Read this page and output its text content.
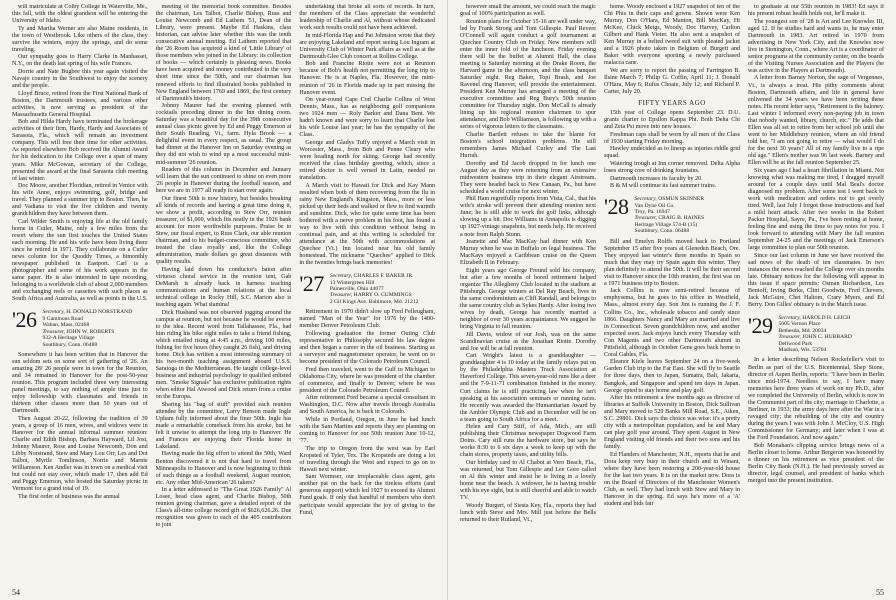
will matriculate at Colby College in Waterville, Me., this fall, with the oldest grandson will be entering the University of Idaho.

Ty and Martha Werner are also Maine residents, in the town of Westbrook. Like others of the class, they survive the winters, enjoy the springs, and do some traveling.

Our sympathy goes to Harry Clarke in Manhasset, N.Y., on the death last spring of his wife Frances.

Dorrie and Nate Bugbee this year again visited the Navajo country in the Southwest to enjoy the scenery and the people.

Lloyd Bruce, retired from the First National Bank of Boston, the Dartmouth trustees, and various other activities, is now serving as president of the Massachusetts General Hospital.

Bob and Hilda Hardy have terminated the brokerage activities of their firm, Hardy, Hardy and Associates of Sarasota, Fla., which will remain an investment company. This will free their time for other activities. As reported elsewhere Bob received the Alumni Award for his dedication to the College over a span of many years. Mike McGowan, secretary of the College, presented the award at the final Sarasota club meeting of last winter.

Doc Moore, another Floridian, retired in Venice with his wife Anne, enjoys swimming, golf, bridge and travel. They planned a summer trip to Boston. Then, he and Vadiana to visit the five children and twenty grandchildren they have between them.

Carl Wilder Smith is enjoying life at the old family home in Cutler, Maine, only a few miles from the resort where the sun first touches the United States each morning. He and his wife have been living there since he retired in 1971. They collaborate on a Cutler news column for the Quoddy Times, a bimonthly newspaper published in Eastport. Carl is a photographer and some of his work appears in the same paper. He is also interested in tape recording, belonging to a worldwide club of about 2,000 members and exchanging reels or cassettes with such places as South Africa and Australia, as well as points in the U.S.

'26 Secretary, H. DONALD NORSTRAND
9 Gammons Road
Waban, Mass. 02468
Treasurer, JOHN W. ROBERTS
932-A Heritage Village
Southbury, Conn. 06488

Somewhere it has been written that in Hanover the sun seldom sets on some sort of gathering of '26. An amazing 28! 26 people were in town for the Reunion, and 34 remained in Hanover for the post-50-year reunion. This program included three very interesting panel meetings, to say nothing of ample time just to enjoy fellowship with classmates and friends in thirteen other classes more than 50 years out of Dartmouth.

Then August 20-22, following the tradition of 39 years, a group of 16 men, wives, and widows were in Hanover for the annual informal summer reunion: Charlie and Edith Bishop, Barbara Hayward, Lil Jost, Johnny Maurer, Rose and Louise Newcomb, Don and Libby Norstrand, Stew and Mary Lou Orr, Les and Dot Talbot, Myrtle Tomlinson, Norrie and Marnie Williamson. Ken Andler was in town on a medical visit but could not stay over, which made 17, then add Ed and Peggy Emerson, who hosted the Saturday picnic in Vermont for a grand total of 19.

The first order of business was the annual

meeting of the memorial book committee. Besides the chairman, Les Talbot, Charlie Bishop, Russ and Louise Newcomb and Ed Lathem '51, Dean of the Library, were present. Maybe Ed Haskins, class historian, can advise later whether this was the tenth consecutive annual meeting. Ed Lathem reported that the '26 Room has acquired a kind of 'Little Library' of those members who joined in the Library: its collection of books — which certainly is pleasing news. Books have been acquired and money contributed in the very short time since the 50th, and our chairman has renewed efforts to find illustrated books published in New England between 1769 and 1869, the first century of Dartmouth's history.

Johnny Maurer had the evening planned with cocktails preceding dinner in the Inn dining room. Saturday was a beautiful day for the 39th consecutive annual class picnic given by Ed and Peggy Emerson at their South Reading, Vt., farm. Hyla Brook — a delightful event in every respect, as usual. The group had dinner at the Hanover Inn on Saturday evening as they did not wish to wind up a most successful mini-mid-summer '26 reunion.

Readers of this column in December and January will learn that the sun continued to shine on even more '26 people in Hanover during the football season, and here we are in 1977 all ready to start over again.

Our finest 50th is now history, but besides breaking all kinds of records and having a great time doing it, we show a profit, according to Stew Orr, reunion treasurer, of $1,000, which fits neatly in the 1926 bank account for more worthwhile purposes. Praise be to Stew, our fiscal expert, to Russ Clark, our able reunion chairman, and to his budget-conscious committee, who treated the class royally and, like the College administration, made dollars go great distances with quality results.

Having laid down his conductor's baton after virtuoso choral service in the reunion tent, Gab DeMarsh is already back in harness teaching communications and human relations at the local technical college in Rocky Hill, S.C. Marion also is teaching again. What stamina!

Dick Husband was not observed jogging around the campus at reunion, but not because he would be averse to the idea. Recent word from Tallahassee, Fla., had him riding his bike eight miles to take a friend fishing, which entailed rising at 4:45 a.m., driving 100 miles, fishing for five hours (they caught 26 fish), and driving home. Dick has written a most interesting summary of his two-month teaching assignment aboard U.S.S. Saratoga in the Mediterranean. He taught college-level business and industrial psychology to qualified enlisted men. "Smoke Signals" has exclusive publication rights when editor Hal Atwood and Dick return from a cruise on the Europa.

Sharing his "bag of stuff" provided each reunion attendee by the committee, Larry Benson made Ingle Upham fully informed about the finer 50th. Ingle has made a remarkable comeback from his stroke, but he felt it unwise to attempt the long trip to Hanover. He and Frances are enjoying their Florida home in Lakeland.

Having made the big effort to attend the 50th, Ward Benton discovered it is not that hard to travel from Minneapolis to Hanover and is now beginning to think of such things as a football weekend, August reunion, etc. Any other Mid-American '26 takers?

In a letter addressed to "The Great 1926 Family" Al Losee, head class agent, and Charlie Bishop, 50th reunion giving chairman, gave a detailed report of the Class's all-time college record gift of $626,626.26. Due recognition was given to each of the 405 contributors to join

undertaking that broke all sorts of records. In turn, the members of the Class appreciate the wonderful leadership of Charlie and Al, without whose dedicated work such results could not have been achieved.

In mid-Florida Hap and Pat Johnston wrote that they are enjoying Lakeland and report seeing Lou Ingram at University Club of Winter Park affairs as well as at the Dartmouth Glee Club concert at Rollins College.

Bob and Francine Riotte were not at Reunion because of Bob's health not permitting the long trip to Hanover. He is at Naples, Fla. However, the mini-reunion of '26 in Florida made up in part missing the Hanover event.

On year-round Cape Cod Charlie Collins of West Dennis, Mass., has as neighboring golf companions two 1924 men — Roly Barker and Dana Bent. We hadn't known and were sorry to learn that Charlie lost his wife Louise last year; he has the sympathy of the Class.

George and Gladys Tuffy enjoyed a March visit in Worcester, Mass., from Bob and Penne Cleary who were heading north for skiing. George had recently received the class birthday greeting, which, since a retired doctor is well versed in Latin, needed no translation.

A March visit to Hawaii for Dick and Kay Mann resulted when both of them recovering from the flu in rainy New England's Kingston, Mass., more or less picked up their beds and walked or flew to find warmth and sunshine. Dick, who for quite some time has been bothered with a nerve problem in his foot, has found a way to live with this condition without being in continual pain, and at this writing is scheduled for attendance at the 50th with accommodations at Quechee (Vt.) Inn located near his old family homestead. The nickname "Quechee" applied to Dick in the twenties brings back memories!

'27 Secretary, CHARLES F. BAKER JR.
13 Wintergreen Hill
Painesville, Ohio 44077
Treasurer, HARRY O. CUMMINGS
2 Gil Kings Ave. Baltimore, Md. 21212

Retirement in 1970 didn't slow up Fred Felleugham, named "Man of the Year" for 1976 by the 1400-member Denver Petroleum Club.

Following graduation the former Outing Club representative to Philosophy secured his law degree and then began a career in the oil business. Starting as a surveyor and magnetometer operator, he went on to become president of the Colorado Petroleum Council.

Fred then traveled, went to the Gulf to Michigan to Oklahoma City, where he was president of the chamber of commerce, and finally to Denver, where he was president of the Colorado Petroleum Council.

After retirement Fred became a special consultant in Washington, D.C. Now after travels through Australia and South America, he is back in Colorado.

While in Portland, Oregon, in June he had lunch with the Sam Martins and reports they are planning on coming to Hanover for our 50th reunion June 10-12, '77.

The trip to Oregon from the west was by Earl Kropsted of Tyler, Tex. The Kropsteds are doing a lot of traveling through the West and expect to go on to Hawaii next winter.

Sam Wormser, our irreplaceable class agent, gets another pat on the back for the tireless efforts (and generous support) which led 1927 to exceed its Alumni Fund goals. If only that handful of members who don't participate would appreciate the joy of giving to the Fund,

54

however small the amount, we could reach the magic goal of 100% participation as well.

Reunion plans for October 15-16 are well under way, led by Frank Strong and Tom Gillespie. Paul Revere O'Connell will again conduct a golf tournament at Quechee Country Club on Friday. New members will enter the inner fold of the luncheon. Friday evening there will be the buffet at Alumni Hall, the class meeting is Saturday morning at the Drake Room, the Harvard game in the afternoon, and the class banquet Saturday night. Reg Baker, Topi Brash, and Joe Ravenel ring Hanover, will provide the entertainment. President Ken Murray has arranged a meeting of the executive committee and Reg Bury's 50th reunion committee for Thursday night. Don McCall is already lining up his regional reunion chairmen to spur attendance, and Bob Williamson, is following up with a series of vigorous letters to the classmates.

Charlie Bartlett refuses to take the blame for Boston's school integration problems. He still remembers James Michael Curley and The Last Hurrah.

Dorothy and Ed Jacob dropped in for lunch one August day as they were returning from an extensive midwestern business trip in their elegant Airstream. They were headed back to New Canaan, Pa., but have scheduled a world cruise for next winter.

Phil Ham regretfully reports from Vista, Cal., that his wife's stroke will prevent their attending reunion next June; he is still able to work the golf links, although slowing up a bit. Doc Williams in Annapolis is digging up 1927-vintage snapshots, but needs help. He received a note from Ralph Stunn.

Jeanette and Mac MacKay had dinner with Ken Murray when he was in Buffalo on legal business. The MacKays enjoyed a Caribbean cruise on the Queen Elizabeth II in February.

Eight years ago George Freund sold his company, but after a few months of bored retirement helped organize The Allegheny Club located in the stadium at Pittsburgh. George winters at Del Ray Beach, lives in the same condominium as Cliff Randall, and belongs to the same country club as Sykes Hardy. After losing two wives by death, George has recently married a neighbor of over 30 years acquaintance. We suggest he bring Virginia to fall reunion.

Jill Davis, widow of our Josh, was on the same Scandinavian cruise as the Jonathan Riotte. Dorothy and Joe will be at fall reunion.

Cart Wright's latest is a granddaughter — granddaughter 4 is 10 today at the family relays put on by the Philadelphia Masters Track Association at Haverford College. This seven-year-old runs like a deer and the 7-9-11-71 combination finished in the money. Curt claims he is still practicing law when he isn't speaking at his association seminars or running races. He recently was awarded the Humanitarian Award by the Ambler Olympic Club and in December will be on a team going to South Africa for a meet.

Helen and Cary Stiff, of Ada, Mich., are still publishing their Christmas newspaper Dogwood Farm Doins. Cary still runs the hardware store, but says he works 8:30 to 6 six days a week to keep up with the chain stores, property taxes, and utility bills.

Our birthday card to Al Chabot at Vero Beach, Fla., was returned, but Tom Gillespie and Lee Gore called on Al this winter and insist he is living in a lovely home near the beach. A widower, he is having trouble with his eye sight, but is still cheerful and able to watch TV.

Woody Burgert, of Siesta Key, Fla., reports they had lunch with Steve and Mrs. Mill just before the Bells returned to their Rutland, Vt.,

home. Woody enclosed a 1927 snapshot of ten of the Chi Phis in their caps and gowns. Shown were Ken Murray, Don O'Hara, Ed Manton, Bill MacKay, Hi McKee, Chick Meigs, Woody, Doc Harvey, Carlton Gilbert and Hank Vieter. He also sent a snapshot of Ken Murray in a belted tweed suit with pleated jacket and a 1926 photo taken in Belgium of Burgett and Baker with everyone sporting a newly purchased malacca cane.

We are sorry to report the passing of Farrington B. Ilsine March 7; Philip G. Coffin, April 11; J. Donald O'Hara, May 6; Rufus Choate, July 12; and Richard P. Carter, July 20.

FIFTY YEARS AGO

15th year of College opens September 23. D.U. grants charter to Epsilon Kappa Phi. Both Delta Chi and Zeta Psi move into new houses.

Freshman caps shall be worn by all men of the Class of 1930 starting Friday morning.

Hawley undecided as to lineup as injuries riddle grid squad.

Watering trough at Inn corner removed. Delta Alpha loses strong core of drinking fountains.

Dartmouth increases its faculty by 20.

B & M will continue its fast summer trains.

'28 Secretary, OSMUN SKINNER
Van Dyne Oil Co.
Troy, Pa. 16947
Treasurer, CRAIG B. HAINES
Heritage Village 574-B (15)
Southbury, Conn. 06488

Bill and Emelyn Rolffs moved back to Portland September 15 after five years at Gleneden Beach, Ore. They enjoyed last winter's three months in Spain so much that they may try Spain again this winter. They plan definitely to attend the 50th. It will be their second visit to Hanover since the 10th reunion, the first was on a 1971 business trip to Boston.

Jack Collins is now semi-retired because of emphysema, but he goes to his office in Westfield, Mass., almost every day. Son Jim is running the J. F. Collins Co., Inc., wholesale tobacco and candy since 1866. Daughters Nancy and Mary are married and live in Connecticut. Seven grandchildren now, and another expected soon. Jack enjoys lunch every Thursday with Con Magenis and two other Dartmouth alumni in Pittsfield, although in October Gene goes back home to Coral Gables, Fla.

Eleanor Kiele leaves September 24 on a five-week Garden Club trip to the Far East. She will fly to Seattle for three days, then to Japan, Sumatra, Bali, Jakarta, Bangkok, and Singapore and spend ten days in Japan. George opted to stay home and play golf.

After his retirement a few months ago as director of libraries at Suffolk University in Boston, Dick Sullivan and Mary moved to 529 Banks Mill Road, S.E., Aiken, S.C. 29801. Dick says the choice was wise: it's a pretty city with a metropolitan population, and he and Mary can play golf year around. They spent August in New England visiting old friends and their two sons and his family.

Ed Flanders of Manchester, N.H., reports that he and Dora keep very busy in their church and in Winant, where they have been restoring a 200-year-old house for the last two years. It is on the market now. Dora is on the Board of Directors of the Manchester Women's Club, as well. They had lunch with Stew and Mary in Hanover in the spring. Ed says he's more of a 'A' student and bids fair

to graduate at our 55th reunion in 1983! Ed says if his present robust health holds out, he'll make it.

The youngest son of '28 is Art and Lee Knowles III, aged 12. If he studies hard and wants to, he may enter Dartmouth in 1983. Art retired in 1970 from advertising in New York City, and the Knowles now live in Stonington, Conn., where Art is a coordinator of senior programs at the community center, on the boards of the Visiting Nurses Association and the Players (he was active in the Players at Dartmouth).

A letter from Barney Norton, the sage of Vergennes, Vt., is always a treat. His pithy comments about Boston, Dartmouth affairs, and life in general have enlivened the 34 years we have been writing these notes. His recent letter says, "Retirement is the baloney. Last winter I informed every non-paying job in town that nobody wanted, library, church, etc." He adds that Ellen was all set to retire from her school job until she went to her Middlebury reunion, where an old friend told her, "I am not going to retire — what would I do for the next 30 years? All of my family live to a ripe old age." Ellen's mother was 96 last week. Barney and Ellen will be at the fall reunion September 25.

Six years ago I had a heart fibrillation in Miami. Not knowing what was making me tired, I dragged myself around for a couple days until Mal Beal's doctor diagnosed my problem. After some test I went back to work with medication and orders not to get overly tired. Well, last July I forgot those instructions and had a mild heart attack. After two weeks in the Robert Packer Hospital, Sayre, Pa., I've been resting at home, feeling fine and using the time to pay notes for you. I look forward to attending with Mary the fall reunion September 24-25 and the meetings of Jack Emerson's large committee to plan our 50th reunion.

Since our last column in June we have received the sad news of the death of ten classmates. In two instances the news reached the College over six months late. Obituary notices for the following will appear in this issue if space permits: Osman Richardson, Les Benioff, Irving Berke, Clint Goodwin, Fred Chevers, Jack McGuire, Chet Haltom, Crary Myers, and Ed Berry. Don Gilles' obituary is in the March issue.

'29 Secretary, HAROLD H. LEICH
5605 Vernon Place
Bethesda, Md. 20034
Treasurer, JOHN C. HUBBARD
Dellwood Park
Madison, Wis. 53704

In a letter describing Nelson Rockefeller's visit to Berlin as part of the U.S. Bicentennial, Shep Stone, director of Aspen Berlin, reports: "I have been in Berlin since mid-1974. Needless to say, I have many memories here three years of work on my Ph.D., after we completed the University of Berlin, which is now in the Communist part of the city; marriage to Charlotte, a Berliner, in 1933; the army days here after the War in a ravaged city; the rebuilding of the city and country during the years I was with John J. McCloy, U.S. High Commissioner for Germany; and later when I was at the Ford Foundation. And now again."

Bob Monahan's clipping service brings news of a Berlin closer to home. Arthur Bergeron was honored by a dinner on his retirement as vice president of the Berlin City Bank (N.H.). He had previously served as director, legal counsel, and president of banks which merged into the present institution.

55
